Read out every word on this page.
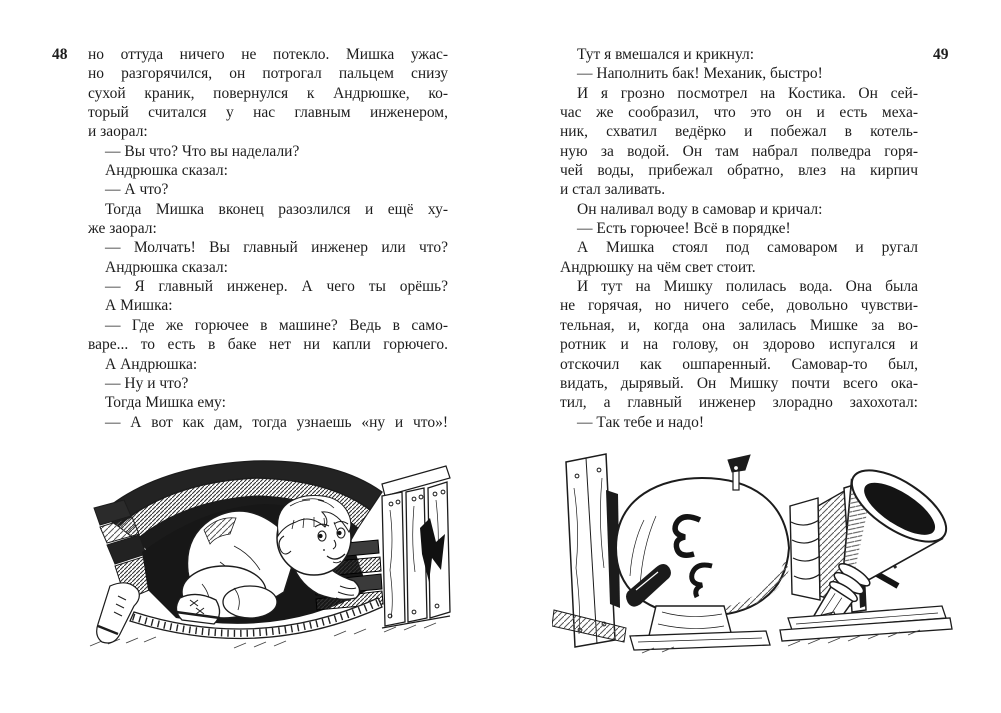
48	49
но оттуда ничего не потекло. Мишка ужас-
но разгорячился, он потрогал пальцем снизу
сухой краник, повернулся к Андрюшке, ко-
торый считался у нас главным инженером,
и заорал:
— Вы что? Что вы наделали?
Андрюшка сказал:
— А что?
Тогда Мишка вконец разозлился и ещё ху-
же заорал:
— Молчать! Вы главный инженер или что?
Андрюшка сказал:
— Я главный инженер. А чего ты орёшь?
А Мишка:
— Где же горючее в машине? Ведь в само-
варе... то есть в баке нет ни капли горючего.
А Андрюшка:
— Ну и что?
Тогда Мишка ему:
— А вот как дам, тогда узнаешь «ну и что»!
Тут я вмешался и крикнул:
— Наполнить бак! Механик, быстро!
И я грозно посмотрел на Костика. Он сей-
час же сообразил, что это он и есть меха-
ник, схватил ведёрко и побежал в котель-
ную за водой. Он там набрал полведра горя-
чей воды, прибежал обратно, влез на кирпич
и стал заливать.
Он наливал воду в самовар и кричал:
— Есть горючее! Всё в порядке!
А Мишка стоял под самоваром и ругал
Андрюшку на чём свет стоит.
И тут на Мишку полилась вода. Она была
не горячая, но ничего себе, довольно чувстви-
тельная, и, когда она залилась Мишке за во-
ротник и на голову, он здорово испугался и
отскочил как ошпаренный. Самовар-то был,
видать, дырявый. Он Мишку почти всего ока-
тил, а главный инженер злорадно захохотал:
— Так тебе и надо!
